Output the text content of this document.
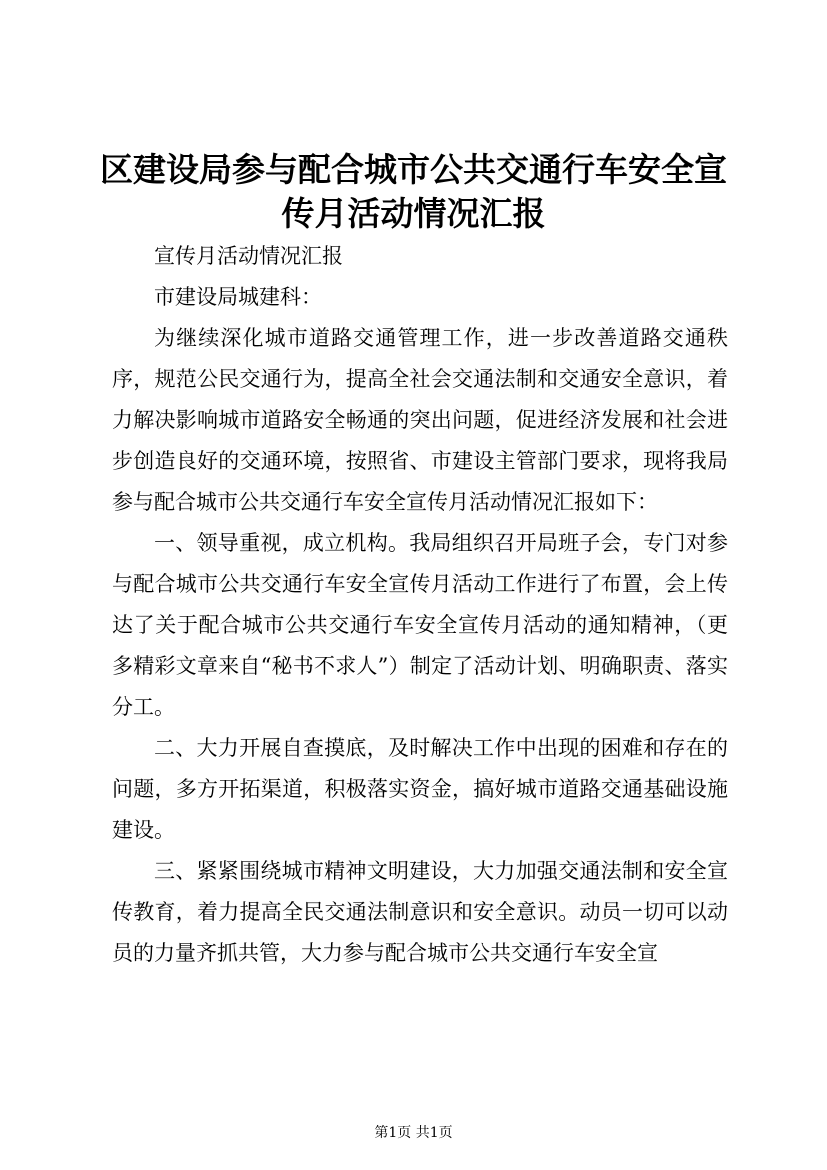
区建设局参与配合城市公共交通行车安全宣传月活动情况汇报

宣传月活动情况汇报

市建设局城建科：

为继续深化城市道路交通管理工作，进一步改善道路交通秩序，规范公民交通行为，提高全社会交通法制和交通安全意识，着力解决影响城市道路安全畅通的突出问题，促进经济发展和社会进步创造良好的交通环境，按照省、市建设主管部门要求，现将我局参与配合城市公共交通行车安全宣传月活动情况汇报如下：

一、领导重视，成立机构。我局组织召开局班子会，专门对参与配合城市公共交通行车安全宣传月活动工作进行了布置，会上传达了关于配合城市公共交通行车安全宣传月活动的通知精神，（更多精彩文章来自“秘书不求人”）制定了活动计划、明确职责、落实分工。

二、大力开展自查摸底，及时解决工作中出现的困难和存在的问题，多方开拓渠道，积极落实资金，搞好城市道路交通基础设施建设。

三、紧紧围绕城市精神文明建设，大力加强交通法制和安全宣传教育，着力提高全民交通法制意识和安全意识。动员一切可以动员的力量齐抓共管，大力参与配合城市公共交通行车安全宣

第1页 共1页
